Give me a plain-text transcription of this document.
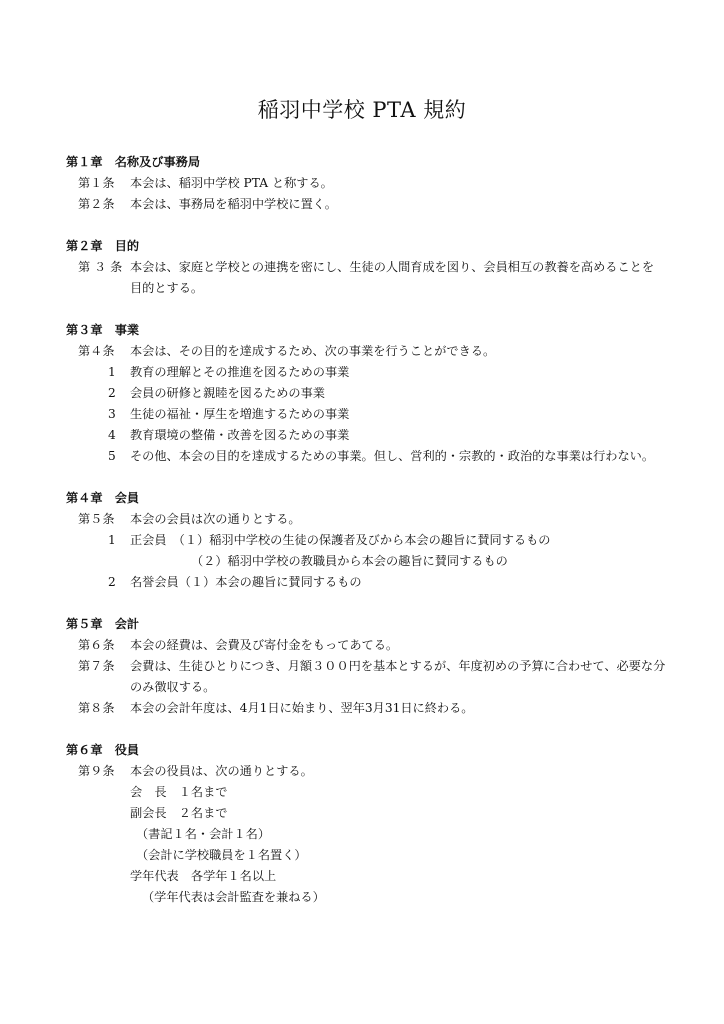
稲羽中学校 PTA 規約
第１章　名称及び事務局
第１条	本会は、稲羽中学校 PTA と称する。
第２条	本会は、事務局を稲羽中学校に置く。
第２章　目的
第 ３ 条 本会は、家庭と学校との連携を密にし、生徒の人間育成を図り、会員相互の教養を高めることを目的とする。
第３章　事業
第４条	本会は、その目的を達成するため、次の事業を行うことができる。
1 教育の理解とその推進を図るための事業
2 会員の研修と親睦を図るための事業
3 生徒の福祉・厚生を増進するための事業
4 教育環境の整備・改善を図るための事業
5 その他、本会の目的を達成するための事業。但し、営利的・宗教的・政治的な事業は行わない。
第４章　会員
第５条	本会の会員は次の通りとする。
1 正会員　（１）稲羽中学校の生徒の保護者及びから本会の趣旨に賛同するもの
（２）稲羽中学校の教職員から本会の趣旨に賛同するもの
2 名誉会員（１）本会の趣旨に賛同するもの
第５章　会計
第６条	本会の経費は、会費及び寄付金をもってあてる。
第７条	会費は、生徒ひとりにつき、月額３００円を基本とするが、年度初めの予算に合わせて、必要な分のみ徴収する。
第８条	本会の会計年度は、4月1日に始まり、翌年3月31日に終わる。
第６章　役員
第９条	本会の役員は、次の通りとする。
会　長　１名まで
副会長　２名まで
（書記１名・会計１名）
（会計に学校職員を１名置く）
学年代表　各学年１名以上
（学年代表は会計監査を兼ねる）
